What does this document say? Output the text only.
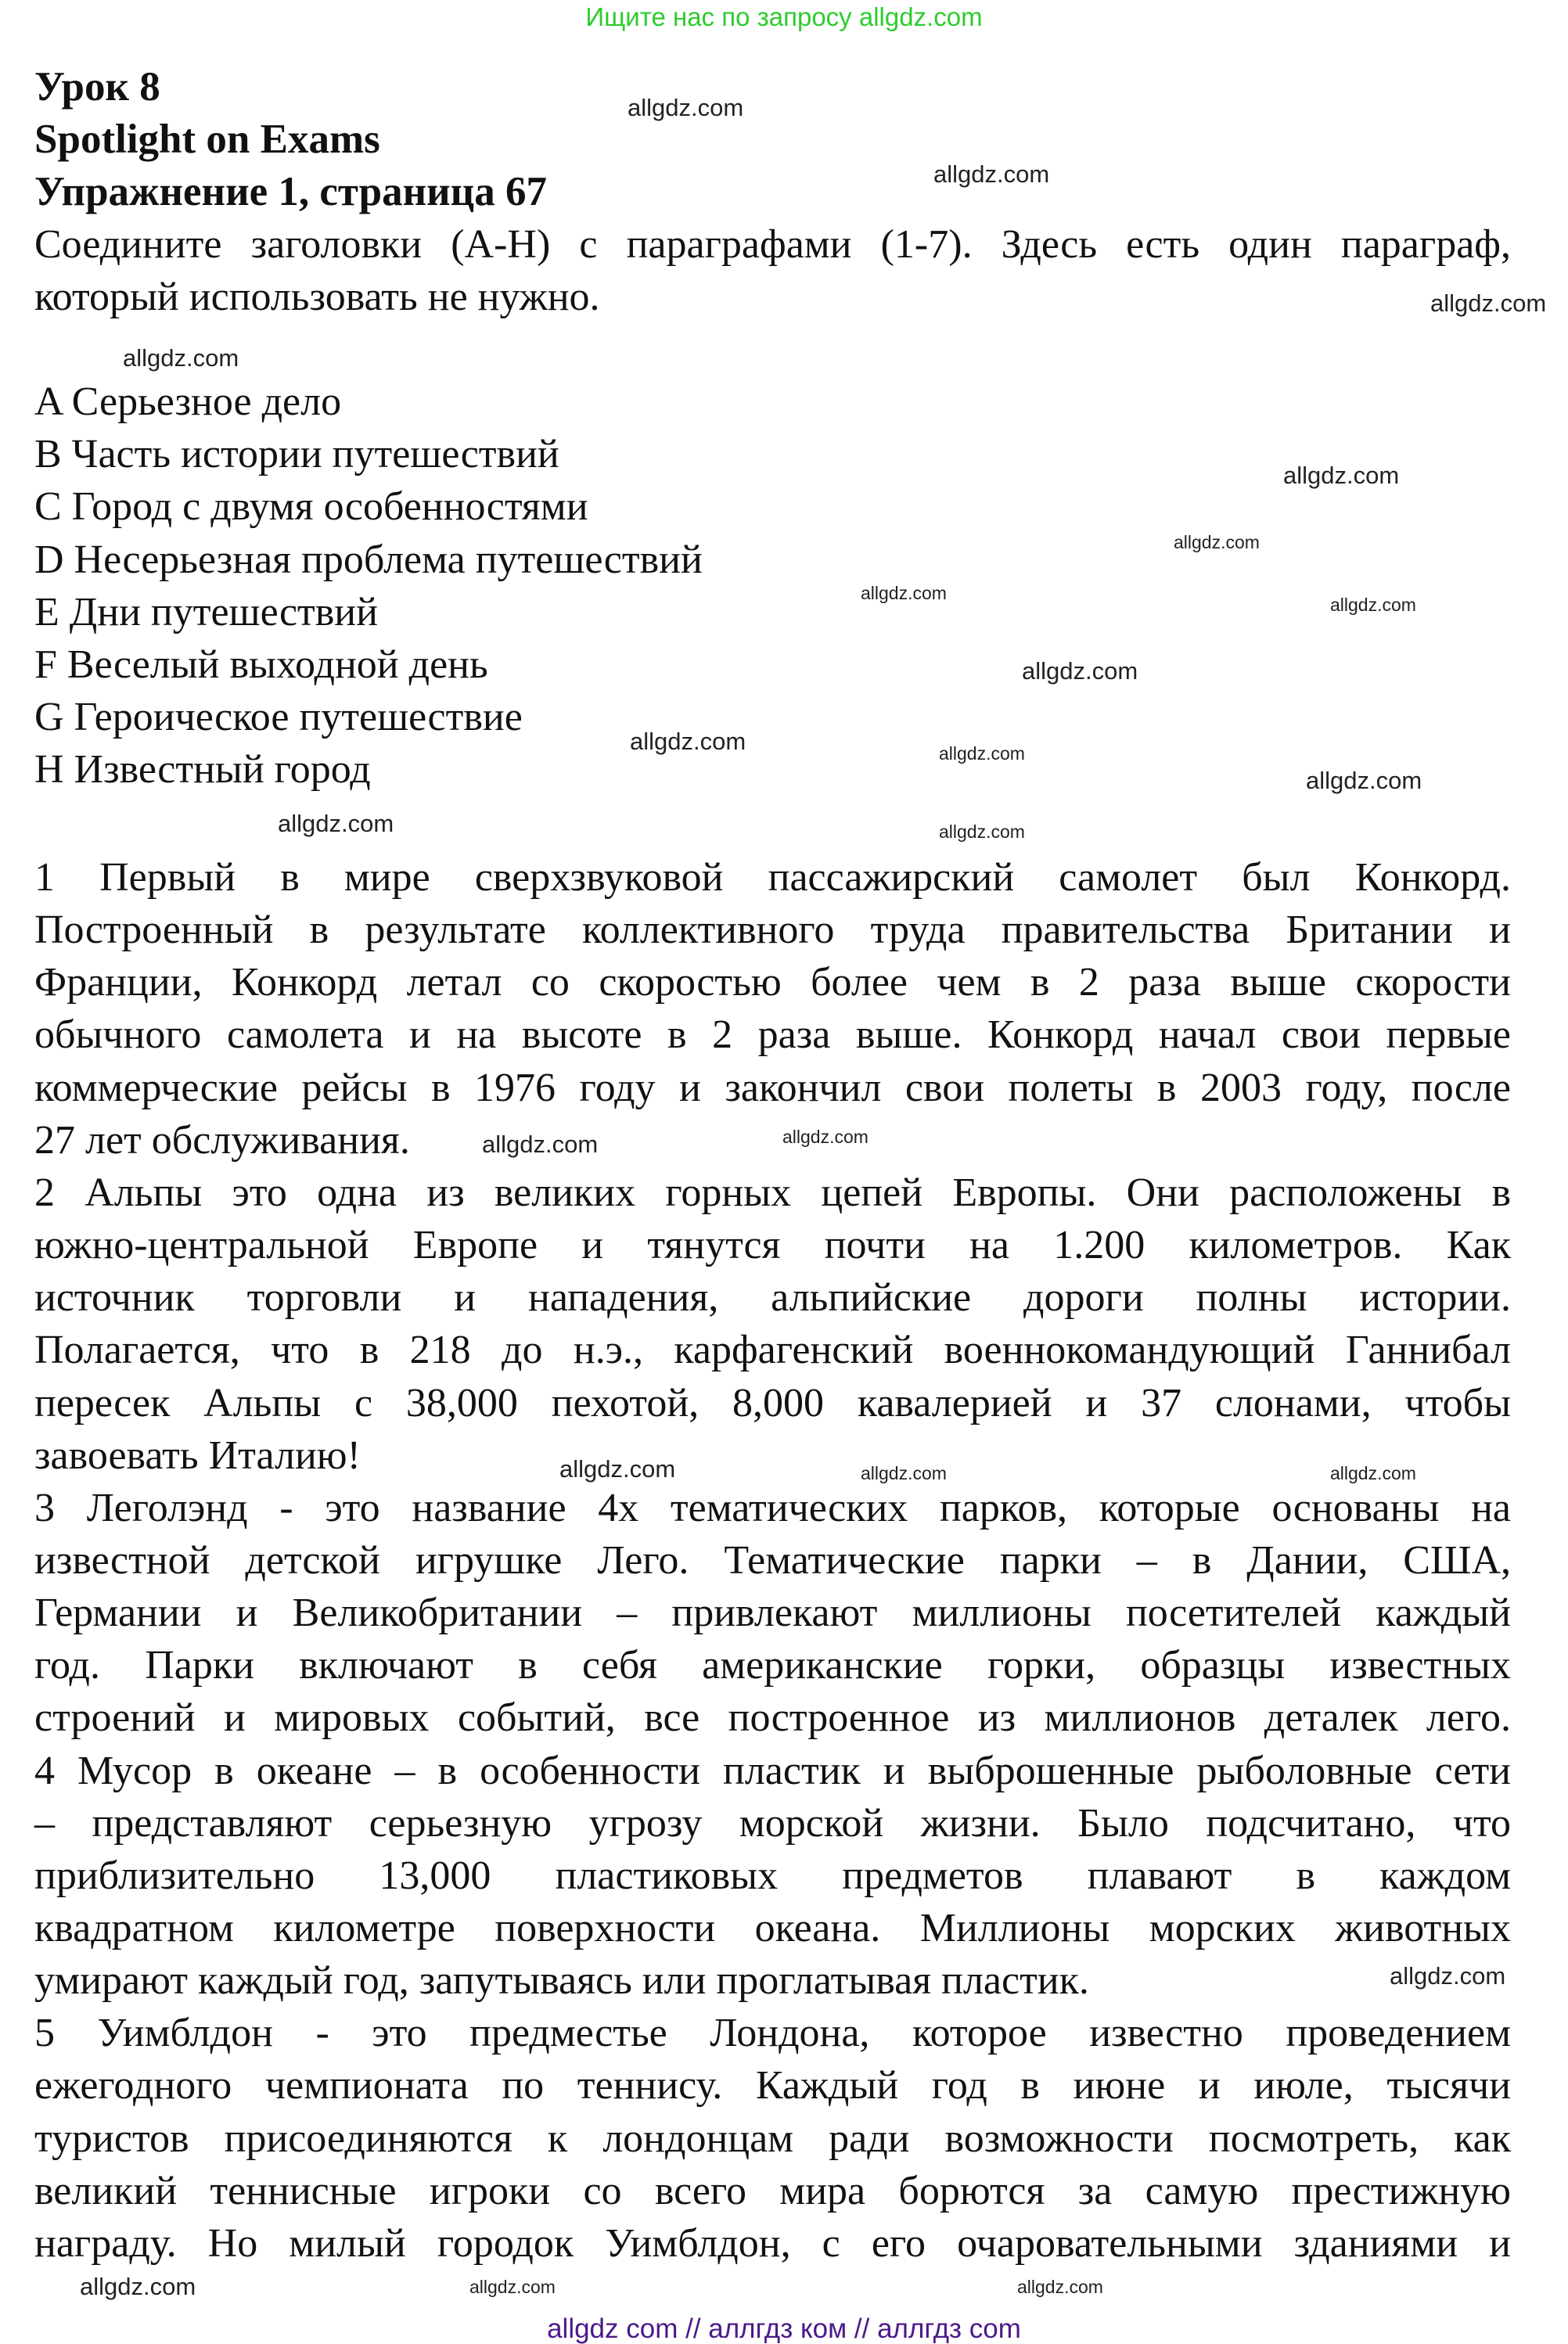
Ищите нас по запросу allgdz.com
Урок 8
Spotlight on Exams
Упражнение 1, страница 67
Соедините заголовки (A-H) с параграфами (1-7). Здесь есть один параграф,
который использовать не нужно.
A Серьезное дело
B Часть истории путешествий
C Город с двумя особенностями
D Несерьезная проблема путешествий
E Дни путешествий
F Веселый выходной день
G Героическое путешествие
H Известный город
1 Первый в мире сверхзвуковой пассажирский самолет был Конкорд.
Построенный в результате коллективного труда правительства Британии и
Франции, Конкорд летал со скоростью более чем в 2 раза выше скорости
обычного самолета и на высоте в 2 раза выше. Конкорд начал свои первые
коммерческие рейсы в 1976 году и закончил свои полеты в 2003 году, после
27 лет обслуживания.
2 Альпы это одна из великих горных цепей Европы. Они расположены в
южно-центральной Европе и тянутся почти на 1.200 километров. Как
источник торговли и нападения, альпийские дороги полны истории.
Полагается, что в 218 до н.э., карфагенский военнокомандующий Ганнибал
пересек Альпы с 38,000 пехотой, 8,000 кавалерией и 37 слонами, чтобы
завоевать Италию!
3 Леголэнд - это название 4х тематических парков, которые основаны на
известной детской игрушке Лего. Тематические парки – в Дании, США,
Германии и Великобритании – привлекают миллионы посетителей каждый
год. Парки включают в себя американские горки, образцы известных
строений и мировых событий, все построенное из миллионов деталек лего.
4 Мусор в океане – в особенности пластик и выброшенные рыболовные сети
– представляют серьезную угрозу морской жизни. Было подсчитано, что
приблизительно 13,000 пластиковых предметов плавают в каждом
квадратном километре поверхности океана. Миллионы морских животных
умирают каждый год, запутываясь или проглатывая пластик.
5 Уимблдон - это предместье Лондона, которое известно проведением
ежегодного чемпионата по теннису. Каждый год в июне и июле, тысячи
туристов присоединяются к лондонцам ради возможности посмотреть, как
великий теннисные игроки со всего мира борются за самую престижную
награду. Но милый городок Уимблдон, с его очаровательными зданиями и
allgdz.com
allgdz.com
allgdz.com
allgdz.com
allgdz.com
allgdz.com
allgdz.com
allgdz.com
allgdz.com
allgdz.com
allgdz.com
allgdz.com
allgdz.com
allgdz.com
allgdz.com
allgdz.com
allgdz.com	allgdz.com
allgdz.com	allgdz.com
allgdz.com
allgdz.com
allgdz.com
allgdz com // аллгдз ком // аллгдз com
